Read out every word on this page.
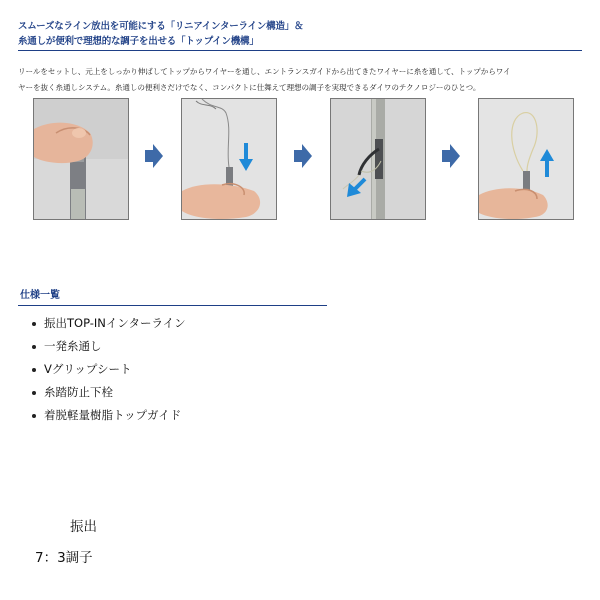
スムーズなライン放出を可能にする「リニアインターライン構造」＆
糸通しが便利で理想的な調子を出せる「トップイン機構」
リールをセットし、元上をしっかり伸ばしてトップからワイヤーを通し、エントランスガイドから出てきたワイヤーに糸を通して、トップからワイ
ヤーを抜く糸通しシステム。糸通しの便利さだけでなく、コンパクトに仕舞えて理想の調子を実現できるダイワのテクノロジーのひとつ。
仕様一覧
振出TOP-INインターライン
一発糸通し
Vグリップシート
糸踏防止下栓
着脱軽量樹脂トップガイド
振出
7：3調子
